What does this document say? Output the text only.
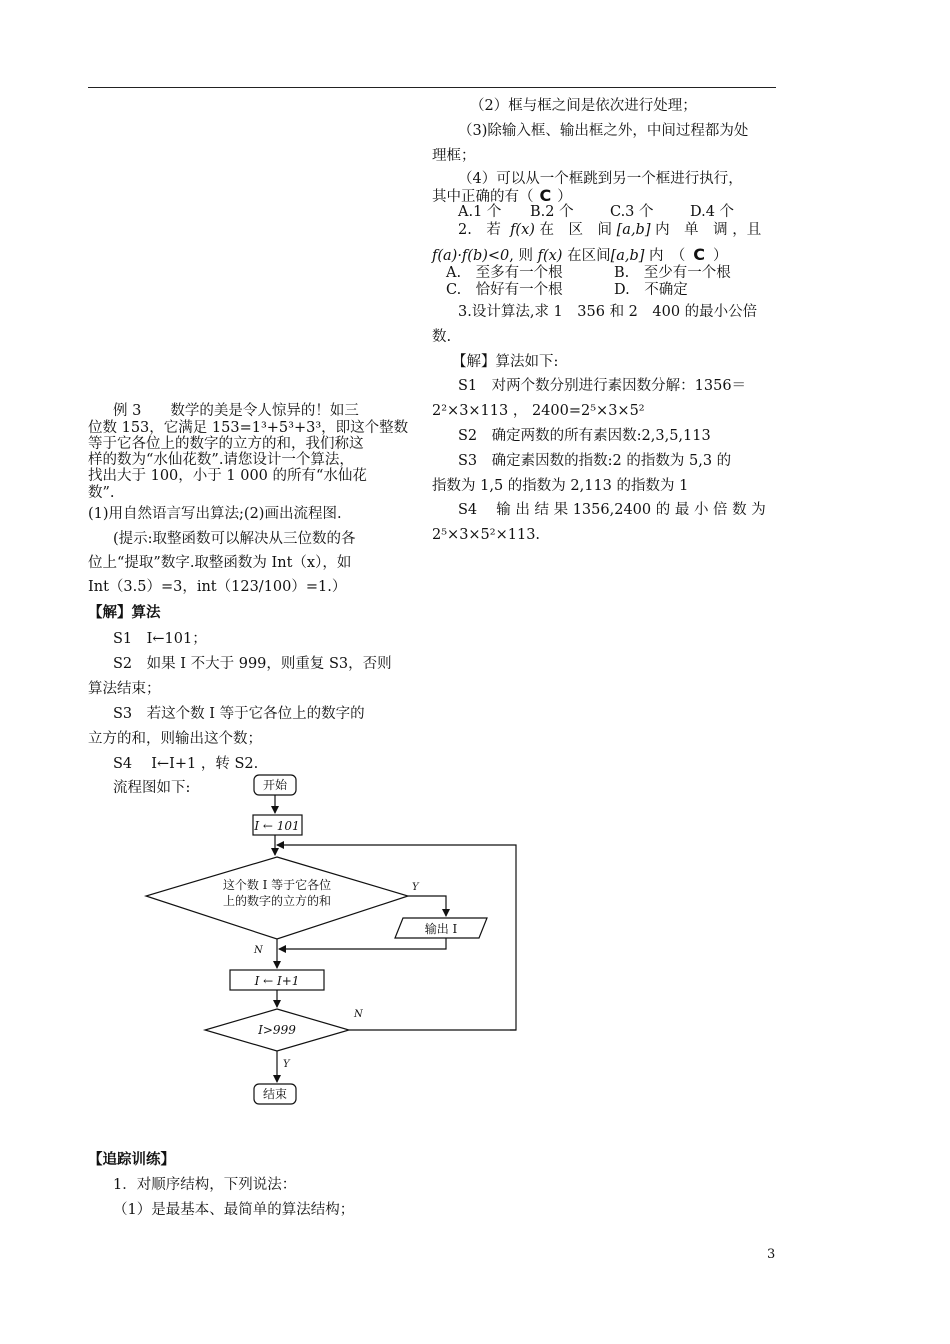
（2）框与框之间是依次进行处理；
（3)除输入框、输出框之外，中间过程都为处
理框；
（4）可以从一个框跳到另一个框进行执行，
其中正确的有（ C ）
A.1 个 B.2 个	C.3 个	D.4 个
2.　若 f(x) 在　区　间 [a,b] 内　单　调 ，且
f(a)·f(b)<0, 则 f(x) 在区间[a,b] 内　（ C ）
A.　至多有一个根	B.　至少有一个根
C.　恰好有一个根	D.　不确定
3.设计算法,求 1　356 和 2　400 的最小公倍
数.
【解】算法如下:
S1　对两个数分别进行素因数分解：1356＝
2²×3×113 ， 2400=2⁵×3×5²
S2　确定两数的所有素因数:2,3,5,113
S3　确定素因数的指数:2 的指数为 5,3 的
指数为 1,5 的指数为 2,113 的指数为 1
S4　 输 出 结 果 1356,2400 的 最 小 倍 数 为
2⁵×3×5²×113.
例 3　　数学的美是令人惊异的！如三
位数 153，它满足 153=1³+5³+3³，即这个整数
等于它各位上的数字的立方的和，我们称这
样的数为“水仙花数”.请您设计一个算法，
找出大于 100，小于 1 000 的所有“水仙花
数”.
(1)用自然语言写出算法;(2)画出流程图.
(提示:取整函数可以解决从三位数的各
位上“提取”数字.取整函数为 Int（x），如
Int（3.5）=3，int（123/100）=1.）
【解】算法
S1　I←101；
S2　如果 I 不大于 999，则重复 S3，否则
算法结束；
S3　若这个数 I 等于它各位上的数字的
立方的和，则输出这个数；
S4　 I←I+1 ，转 S2.
流程图如下:	开始
I ← 101
这个数 I 等于它各位
上的数字的立方的和
Y
输出 I
N
I ← I+1
I>999
N
Y
结束
【追踪训练】
1．对顺序结构，下列说法：
（1）是最基本、最简单的算法结构；
3
